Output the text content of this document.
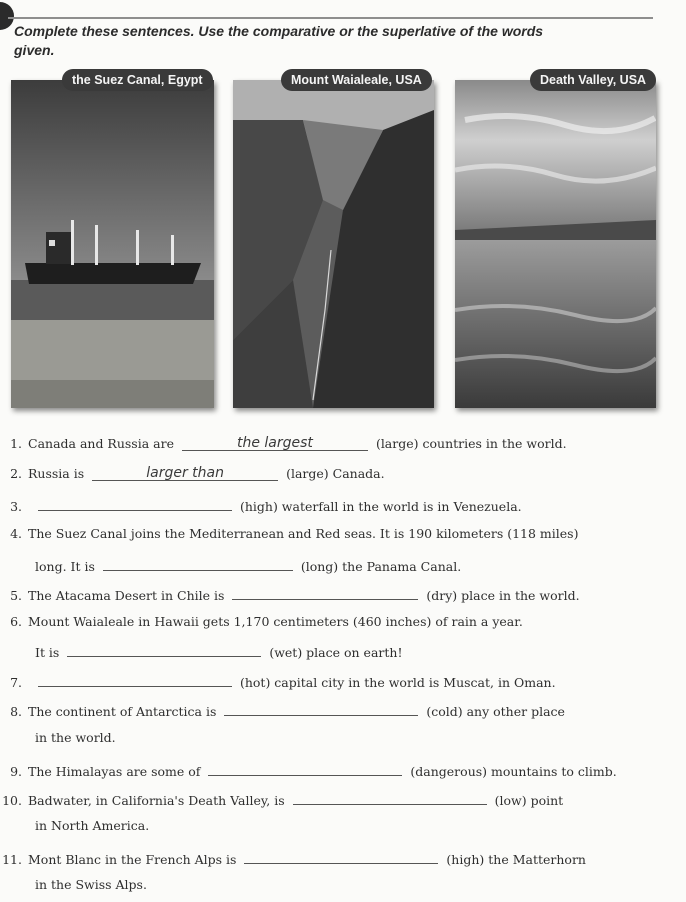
Complete these sentences. Use the comparative or the superlative of the words given.
the Suez Canal, Egypt	Mount Waialeale, USA	Death Valley, USA
1. Canada and Russia are	the largest	(large) countries in the world.
2. Russia is	larger than	(large) Canada.
3.	(high) waterfall in the world is in Venezuela.
4. The Suez Canal joins the Mediterranean and Red seas. It is 190 kilometers (118 miles)
long. It is	(long) the Panama Canal.
5. The Atacama Desert in Chile is	(dry) place in the world.
6. Mount Waialeale in Hawaii gets 1,170 centimeters (460 inches) of rain a year.
It is	(wet) place on earth!
7.	(hot) capital city in the world is Muscat, in Oman.
8. The continent of Antarctica is	(cold) any other place
in the world.
9. The Himalayas are some of	(dangerous) mountains to climb.
10. Badwater, in California's Death Valley, is	(low) point
in North America.
11. Mont Blanc in the French Alps is	(high) the Matterhorn
in the Swiss Alps.
